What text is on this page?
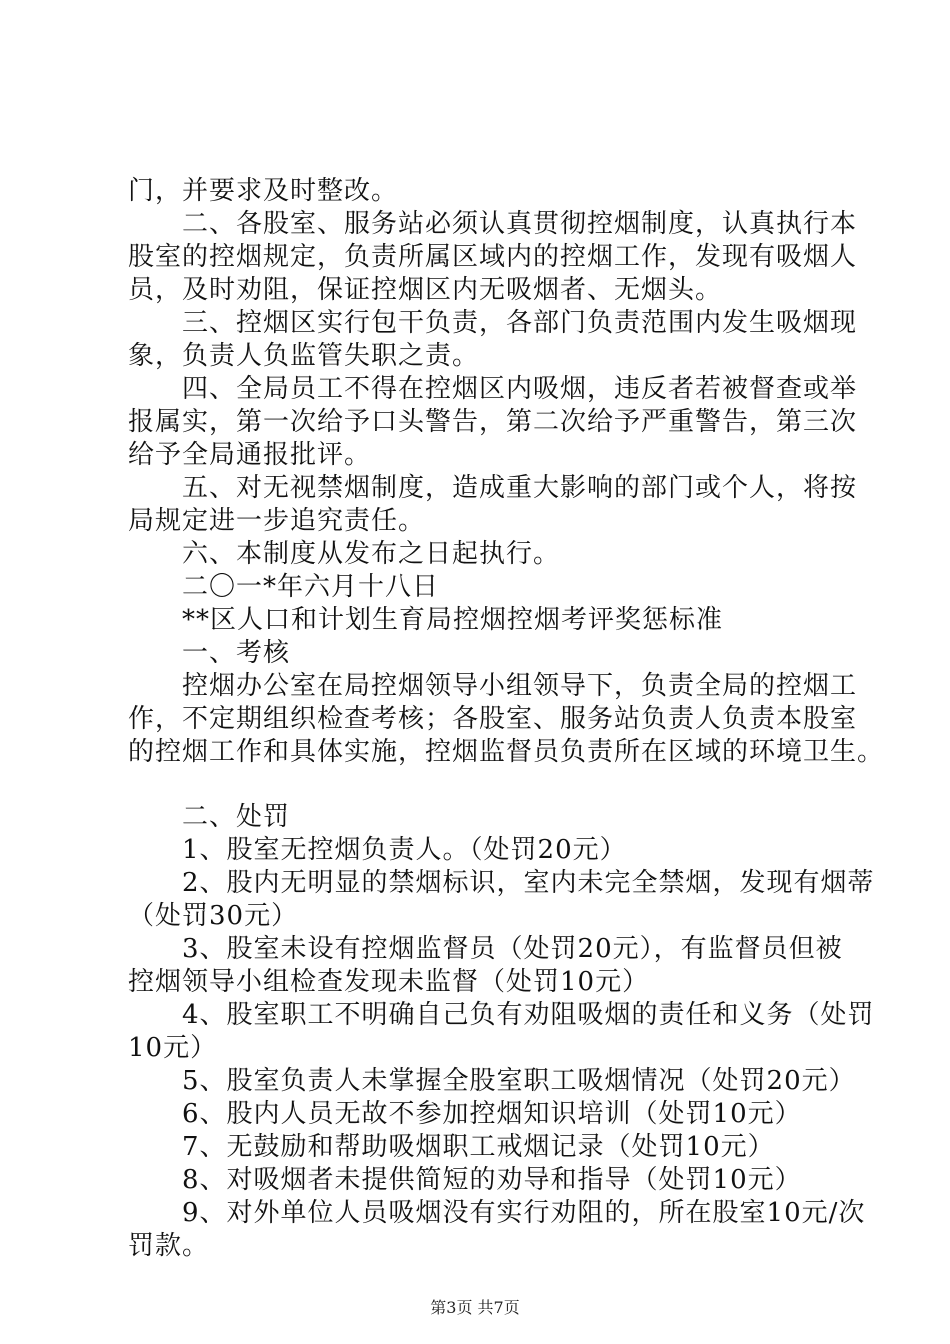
门，并要求及时整改。
二、各股室、服务站必须认真贯彻控烟制度，认真执行本
股室的控烟规定，负责所属区域内的控烟工作，发现有吸烟人
员，及时劝阻，保证控烟区内无吸烟者、无烟头。
三、控烟区实行包干负责，各部门负责范围内发生吸烟现
象，负责人负监管失职之责。
四、全局员工不得在控烟区内吸烟，违反者若被督查或举
报属实，第一次给予口头警告，第二次给予严重警告，第三次
给予全局通报批评。
五、对无视禁烟制度，造成重大影响的部门或个人，将按
局规定进一步追究责任。
六、本制度从发布之日起执行。
二〇一*年六月十八日
**区人口和计划生育局控烟控烟考评奖惩标准
一、考核
控烟办公室在局控烟领导小组领导下，负责全局的控烟工
作，不定期组织检查考核；各股室、服务站负责人负责本股室
的控烟工作和具体实施，控烟监督员负责所在区域的环境卫生。
二、处罚
1、股室无控烟负责人。（处罚20元）
2、股内无明显的禁烟标识，室内未完全禁烟，发现有烟蒂
（处罚30元）
3、股室未设有控烟监督员（处罚20元），有监督员但被
控烟领导小组检查发现未监督（处罚10元）
4、股室职工不明确自己负有劝阻吸烟的责任和义务（处罚
10元）
5、股室负责人未掌握全股室职工吸烟情况（处罚20元）
6、股内人员无故不参加控烟知识培训（处罚10元）
7、无鼓励和帮助吸烟职工戒烟记录（处罚10元）
8、对吸烟者未提供简短的劝导和指导（处罚10元）
9、对外单位人员吸烟没有实行劝阻的，所在股室10元/次
罚款。
第3页 共7页
